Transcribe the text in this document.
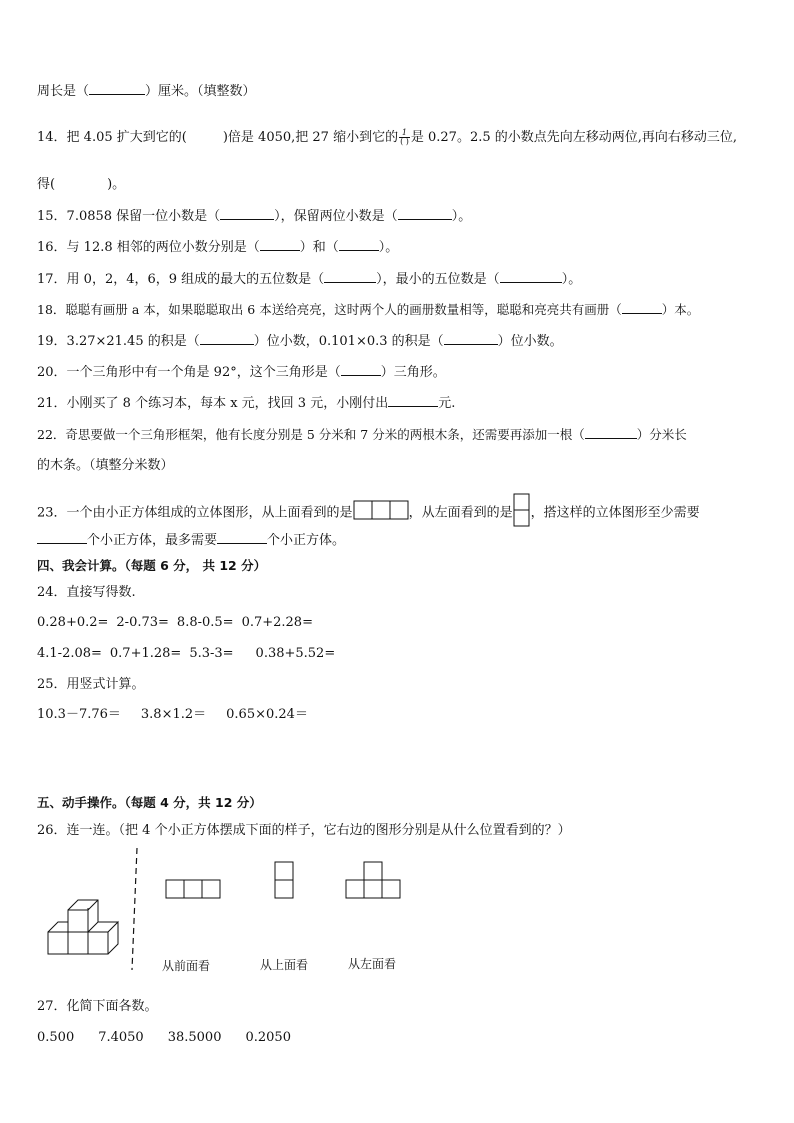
周长是（	）厘米。（填整数）
14．把 4.05 扩大到它的(	)倍是 4050,把 27 缩小到它的 $\frac{1}{( )}$ 是 0.27。2.5 的小数点先向左移动两位,再向右移动三位,
得(	)。
15．7.0858 保留一位小数是（	），保留两位小数是（	）。
16．与 12.8 相邻的两位小数分别是（	）和（	）。
17．用 0，2，4，6，9 组成的最大的五位数是（	），最小的五位数是（	）。
18．聪聪有画册 a 本，如果聪聪取出 6 本送给亮亮，这时两个人的画册数量相等，聪聪和亮亮共有画册（	）本。
19．3.27×21.45 的积是（	）位小数，0.101×0.3 的积是（	）位小数。
20．一个三角形中有一个角是 92°，这个三角形是（	）三角形。
21．小刚买了 8 个练习本，每本 x 元，找回 3 元，小刚付出	元.
22．奇思要做一个三角形框架，他有长度分别是 5 分米和 7 分米的两根木条，还需要再添加一根（	）分米长
的木条。（填整分米数）
23．一个由小正方体组成的立体图形，从上面看到的是	，从左面看到的是 ，搭这样的立体图形至少需要
个小正方体，最多需要	个小正方体。
四、我会计算。（每题 6 分， 共 12 分）
24．直接写得数.
0.28+0.2= 2-0.73= 8.8-0.5= 0.7+2.28=
4.1-2.08= 0.7+1.28= 5.3-3= 0.38+5.52=
25．用竖式计算。
10.3－7.76＝ 3.8×1.2＝ 0.65×0.24＝
五、动手操作。（每题 4 分，共 12 分）
26．连一连。（把 4 个小正方体摆成下面的样子，它右边的图形分别是从什么位置看到的？）
从前面看	从上面看	从左面看
27．化简下面各数。
0.500 7.4050 38.5000 0.2050
